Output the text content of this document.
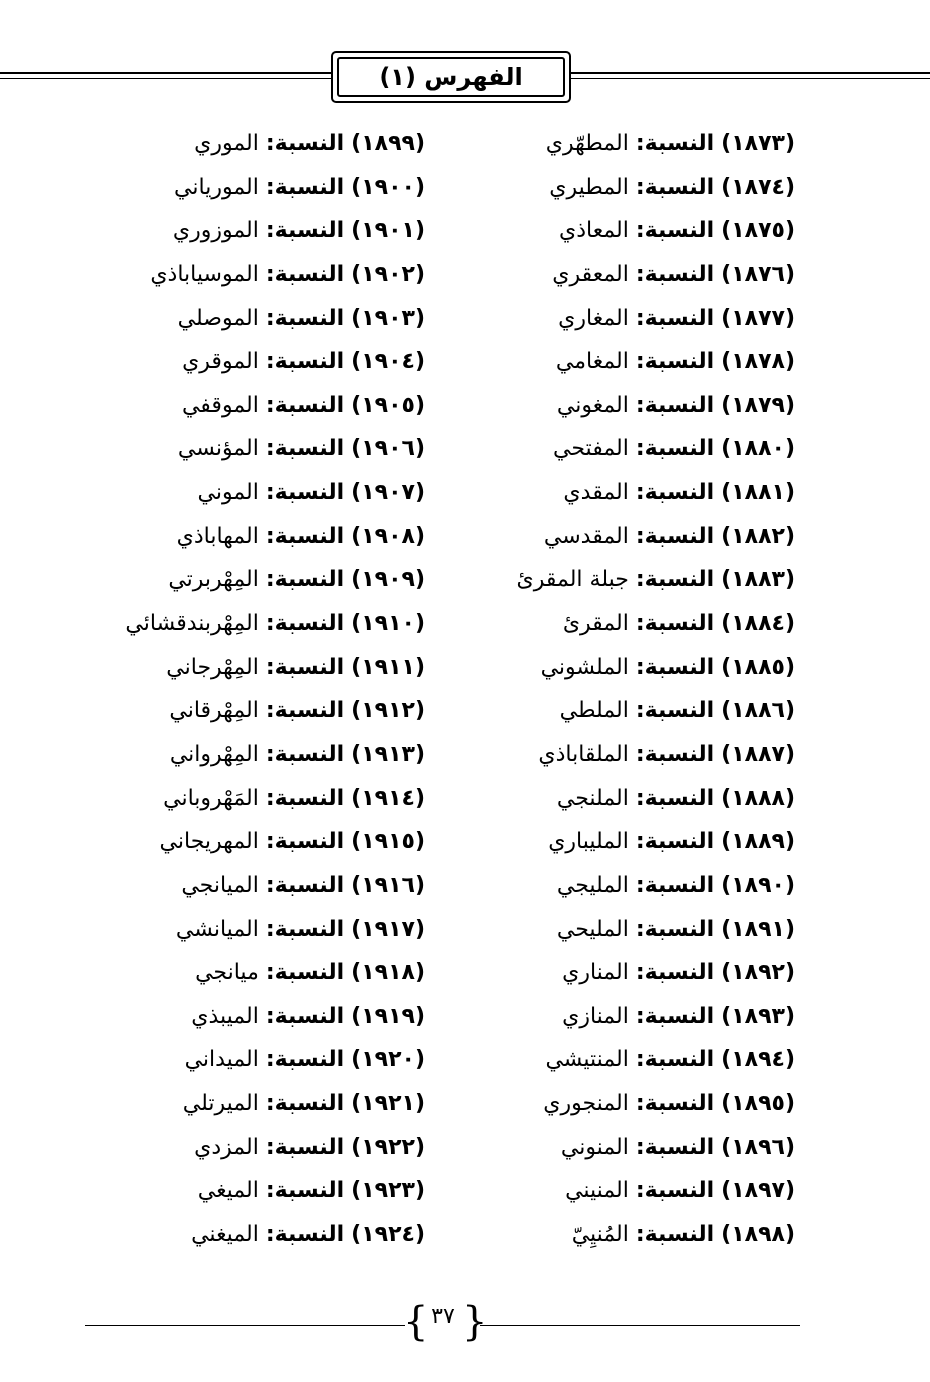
الفهرس (١)
(١٨٧٣) النسبة: المطهّري
(١٨٧٤) النسبة: المطيري
(١٨٧٥) النسبة: المعاذي
(١٨٧٦) النسبة: المعقري
(١٨٧٧) النسبة: المغاري
(١٨٧٨) النسبة: المغامي
(١٨٧٩) النسبة: المغوني
(١٨٨٠) النسبة: المفتحي
(١٨٨١) النسبة: المقدي
(١٨٨٢) النسبة: المقدسي
(١٨٨٣) النسبة: جبلة المقرئ
(١٨٨٤) النسبة: المقرئ
(١٨٨٥) النسبة: الملشوني
(١٨٨٦) النسبة: الملطي
(١٨٨٧) النسبة: الملقاباذي
(١٨٨٨) النسبة: الملنجي
(١٨٨٩) النسبة: المليباري
(١٨٩٠) النسبة: المليجي
(١٨٩١) النسبة: المليحي
(١٨٩٢) النسبة: المناري
(١٨٩٣) النسبة: المنازي
(١٨٩٤) النسبة: المنتيشي
(١٨٩٥) النسبة: المنجوري
(١٨٩٦) النسبة: المنوني
(١٨٩٧) النسبة: المنيني
(١٨٩٨) النسبة: المُنيِيّ
(١٨٩٩) النسبة: الموري
(١٩٠٠) النسبة: الموریاني
(١٩٠١) النسبة: الموزوري
(١٩٠٢) النسبة: الموسياباذي
(١٩٠٣) النسبة: الموصلي
(١٩٠٤) النسبة: الموقري
(١٩٠٥) النسبة: الموقفي
(١٩٠٦) النسبة: المؤنسي
(١٩٠٧) النسبة: الموني
(١٩٠٨) النسبة: المهاباذي
(١٩٠٩) النسبة: المِهْربرتي
(١٩١٠) النسبة: المِهْربندقشائي
(١٩١١) النسبة: المِهْرجاني
(١٩١٢) النسبة: المِهْرقاني
(١٩١٣) النسبة: المِهْرواني
(١٩١٤) النسبة: المَهْروباني
(١٩١٥) النسبة: المهريجاني
(١٩١٦) النسبة: الميانجي
(١٩١٧) النسبة: الميانشي
(١٩١٨) النسبة: ميانجي
(١٩١٩) النسبة: الميبذي
(١٩٢٠) النسبة: الميداني
(١٩٢١) النسبة: الميرتلي
(١٩٢٢) النسبة: المزدي
(١٩٢٣) النسبة: الميغي
(١٩٢٤) النسبة: الميغني
{ }
٣٧
